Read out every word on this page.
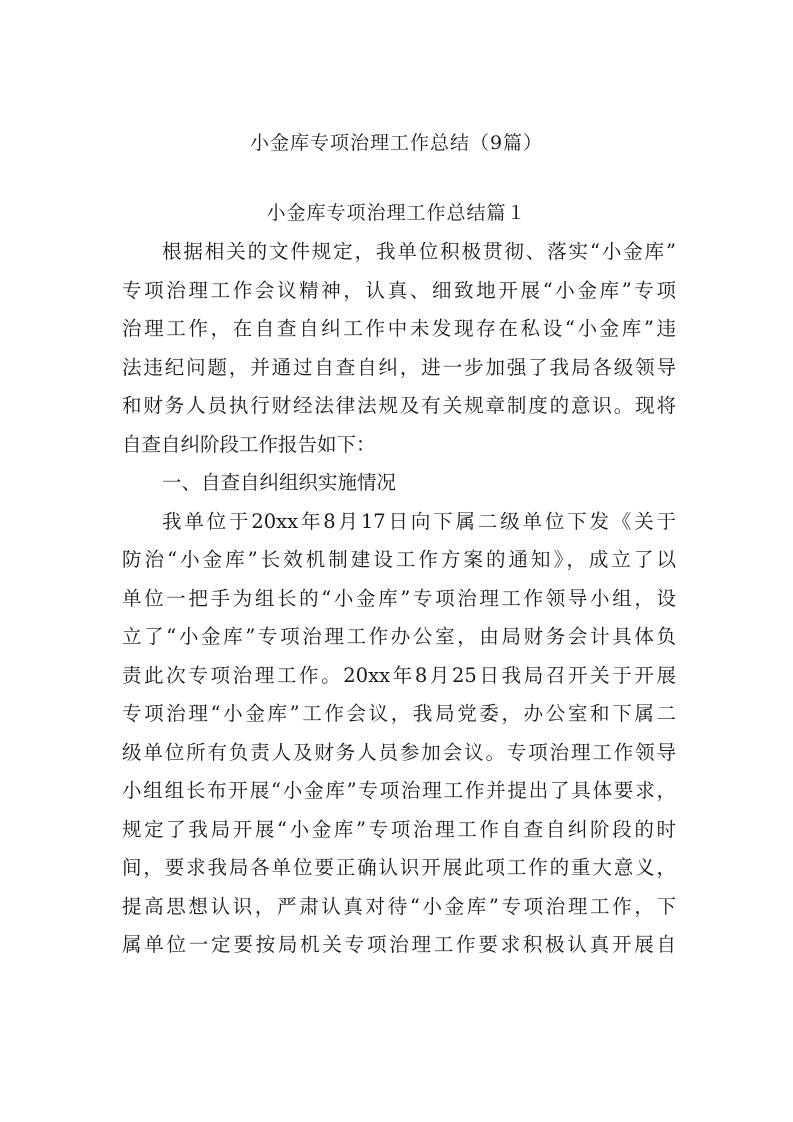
小金库专项治理工作总结（9篇）
小金库专项治理工作总结篇１
根据相关的文件规定，我单位积极贯彻、落实“小金库”
专项治理工作会议精神，认真、细致地开展“小金库”专项
治理工作，在自查自纠工作中未发现存在私设“小金库”违
法违纪问题，并通过自查自纠，进一步加强了我局各级领导
和财务人员执行财经法律法规及有关规章制度的意识。现将
自查自纠阶段工作报告如下：
一、自查自纠组织实施情况
我单位于20xx年8月17日向下属二级单位下发《关于
防治“小金库”长效机制建设工作方案的通知》，成立了以
单位一把手为组长的“小金库”专项治理工作领导小组，设
立了“小金库”专项治理工作办公室，由局财务会计具体负
责此次专项治理工作。20xx年8月25日我局召开关于开展
专项治理“小金库”工作会议，我局党委，办公室和下属二
级单位所有负责人及财务人员参加会议。专项治理工作领导
小组组长布开展“小金库”专项治理工作并提出了具体要求，
规定了我局开展“小金库”专项治理工作自查自纠阶段的时
间，要求我局各单位要正确认识开展此项工作的重大意义，
提高思想认识，严肃认真对待“小金库”专项治理工作，下
属单位一定要按局机关专项治理工作要求积极认真开展自
